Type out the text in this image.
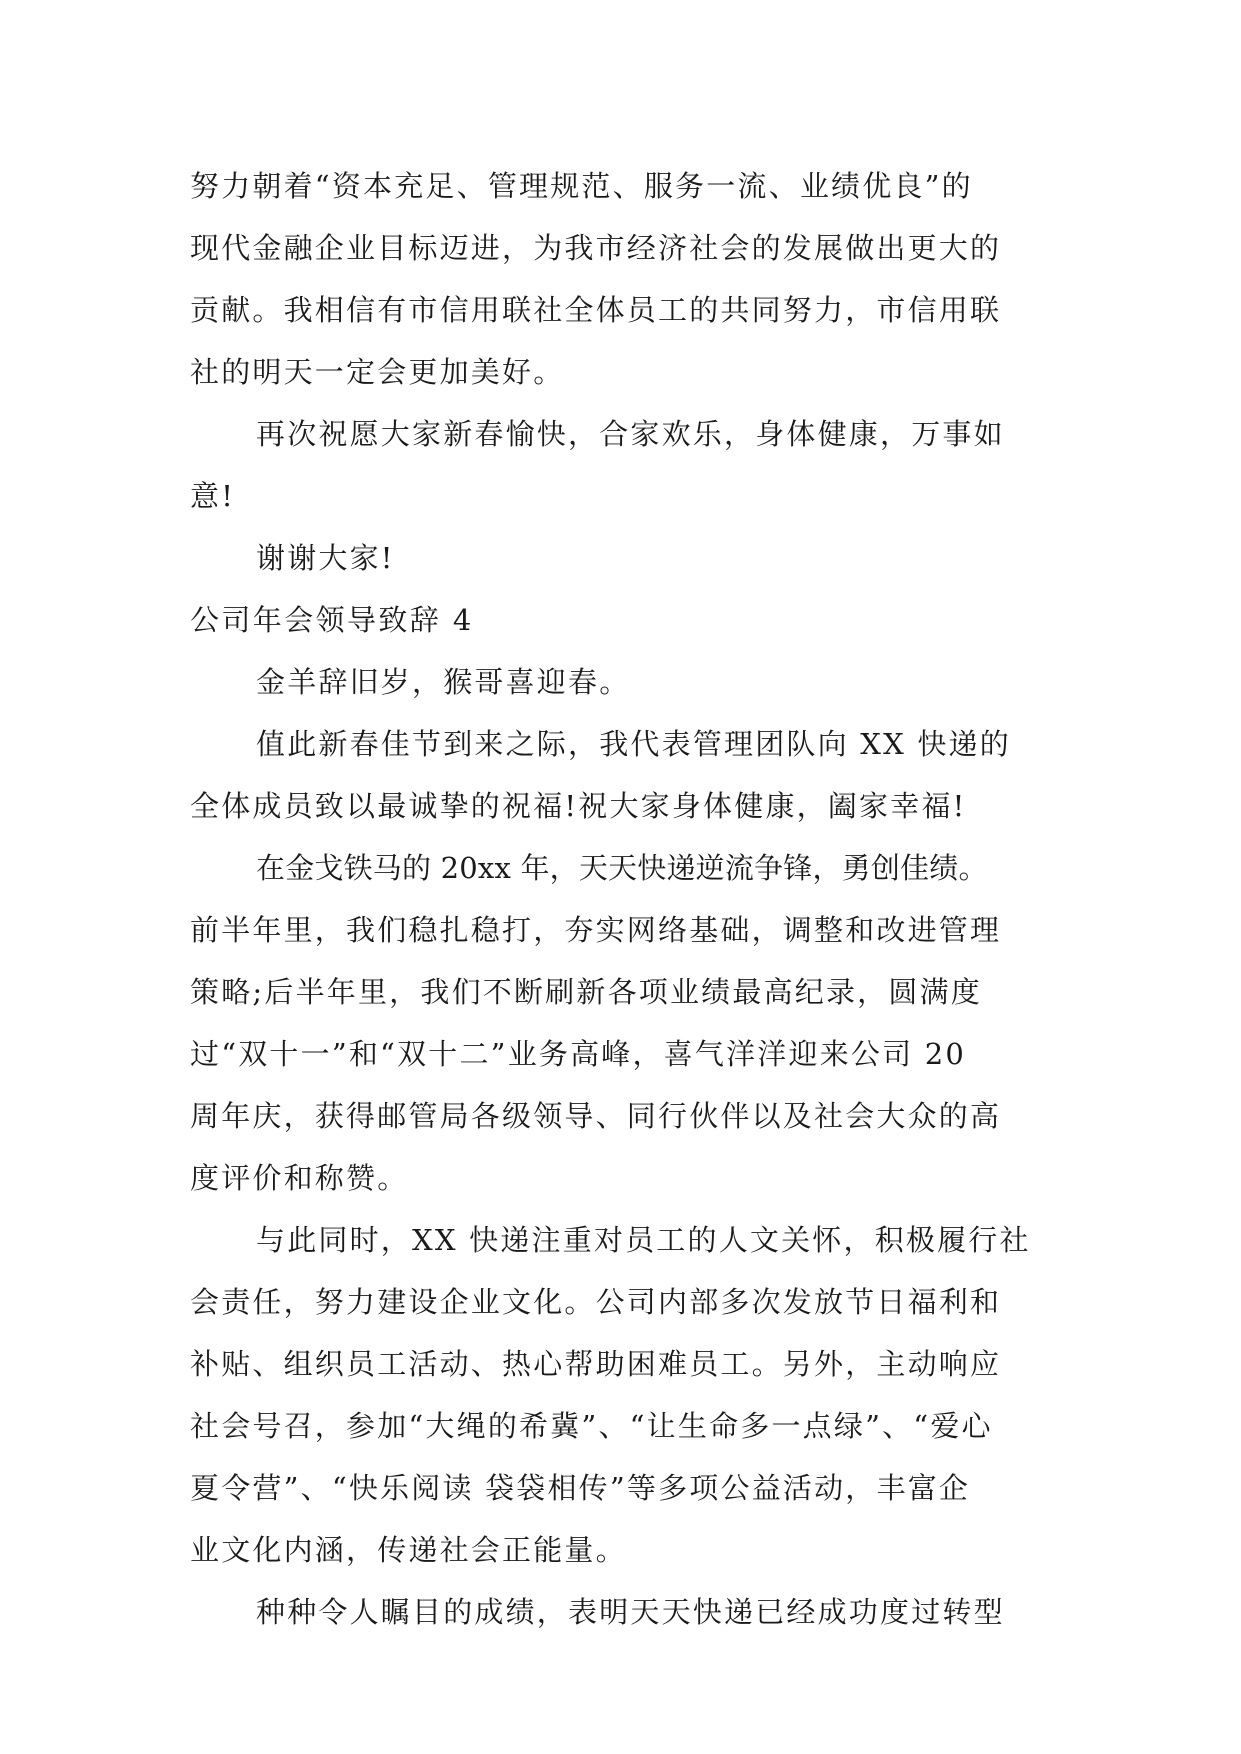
努力朝着“资本充足、管理规范、服务一流、业绩优良”的
现代金融企业目标迈进，为我市经济社会的发展做出更大的
贡献。我相信有市信用联社全体员工的共同努力，市信用联
社的明天一定会更加美好。
再次祝愿大家新春愉快，合家欢乐，身体健康，万事如
意!
谢谢大家!
公司年会领导致辞 4
金羊辞旧岁，猴哥喜迎春。
值此新春佳节到来之际，我代表管理团队向 XX 快递的
全体成员致以最诚挚的祝福!祝大家身体健康，阖家幸福!
在金戈铁马的 20xx 年，天天快递逆流争锋，勇创佳绩。
前半年里，我们稳扎稳打，夯实网络基础，调整和改进管理
策略;后半年里，我们不断刷新各项业绩最高纪录，圆满度
过“双十一”和“双十二”业务高峰，喜气洋洋迎来公司 20
周年庆，获得邮管局各级领导、同行伙伴以及社会大众的高
度评价和称赞。
与此同时，XX 快递注重对员工的人文关怀，积极履行社
会责任，努力建设企业文化。公司内部多次发放节日福利和
补贴、组织员工活动、热心帮助困难员工。另外，主动响应
社会号召，参加“大绳的希冀”、“让生命多一点绿”、“爱心
夏令营”、“快乐阅读 袋袋相传”等多项公益活动，丰富企
业文化内涵，传递社会正能量。
种种令人瞩目的成绩，表明天天快递已经成功度过转型
